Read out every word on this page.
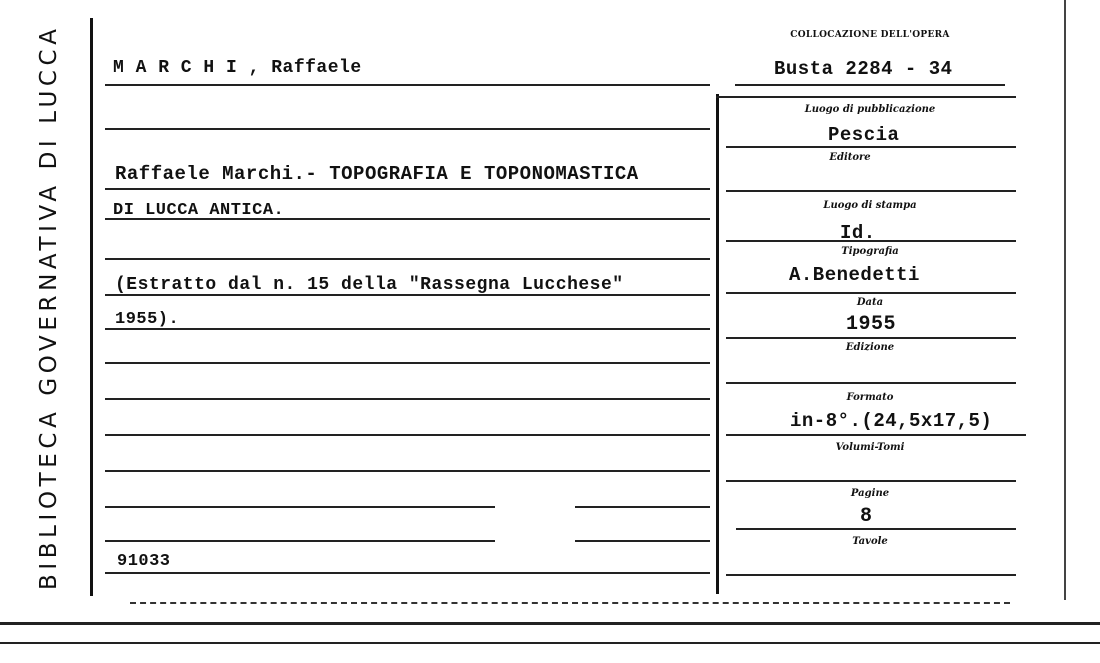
BIBLIOTECA GOVERNATIVA DI LUCCA	COLLOCAZIONE DELL'OPERA
Busta 2284 - 34
M A R C H I , Raffaele
Raffaele Marchi.- TOPOGRAFIA E TOPONOMASTICA
DI LUCCA ANTICA.
(Estratto dal n. 15 della "Rassegna Lucchese"
1955).
91033
Luogo di pubblicazione
Pescia
Editore
Luogo di stampa
Id.
Tipografia
A.Benedetti
Data
1955
Edizione
Formato
in-8°.(24,5x17,5)
Volumi-Tomi
Pagine
8
Tavole
